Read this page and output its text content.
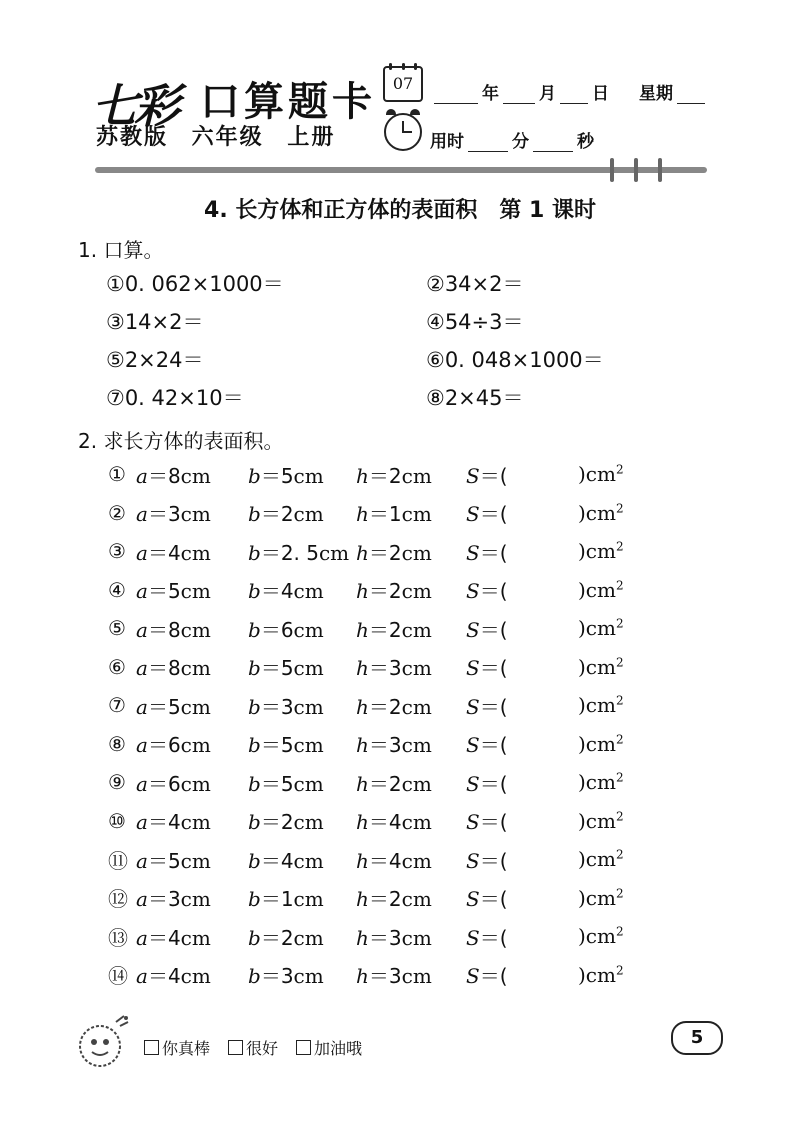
七彩 口算题卡
苏教版 六年级 上册
07
年 月 日 星期
用时	分	秒
4. 长方体和正方体的表面积　第 1 课时
1. 口算。
①0. 062×1000＝	②34×2＝
③14×2＝	④54÷3＝
⑤2×24＝	⑥0. 048×1000＝
⑦0. 42×10＝	⑧2×45＝
2. 求长方体的表面积。
① a＝8cm	b＝5cm	h＝2cm	S＝(	)$cm^2$
② a＝3cm	b＝2cm	h＝1cm	S＝(	)$cm^2$
③ a＝4cm	b＝2. 5cm h＝2cm	S＝(	)$cm^2$
④ a＝5cm	b＝4cm	h＝2cm	S＝(	)$cm^2$
⑤ a＝8cm	b＝6cm	h＝2cm	S＝(	)$cm^2$
⑥ a＝8cm	b＝5cm	h＝3cm	S＝(	)$cm^2$
⑦ a＝5cm	b＝3cm	h＝2cm	S＝(	)$cm^2$
⑧ a＝6cm	b＝5cm	h＝3cm	S＝(	)$cm^2$
⑨ a＝6cm	b＝5cm	h＝2cm	S＝(	)$cm^2$
⑩ a＝4cm	b＝2cm	h＝4cm	S＝(	)$cm^2$
⑪ a＝5cm	b＝4cm	h＝4cm	S＝(	)$cm^2$
⑫ a＝3cm	b＝1cm	h＝2cm	S＝(	)$cm^2$
⑬ a＝4cm	b＝2cm	h＝3cm	S＝(	)$cm^2$
⑭ a＝4cm	b＝3cm	h＝3cm	S＝(	)$cm^2$
你真棒	很好	加油哦
5
